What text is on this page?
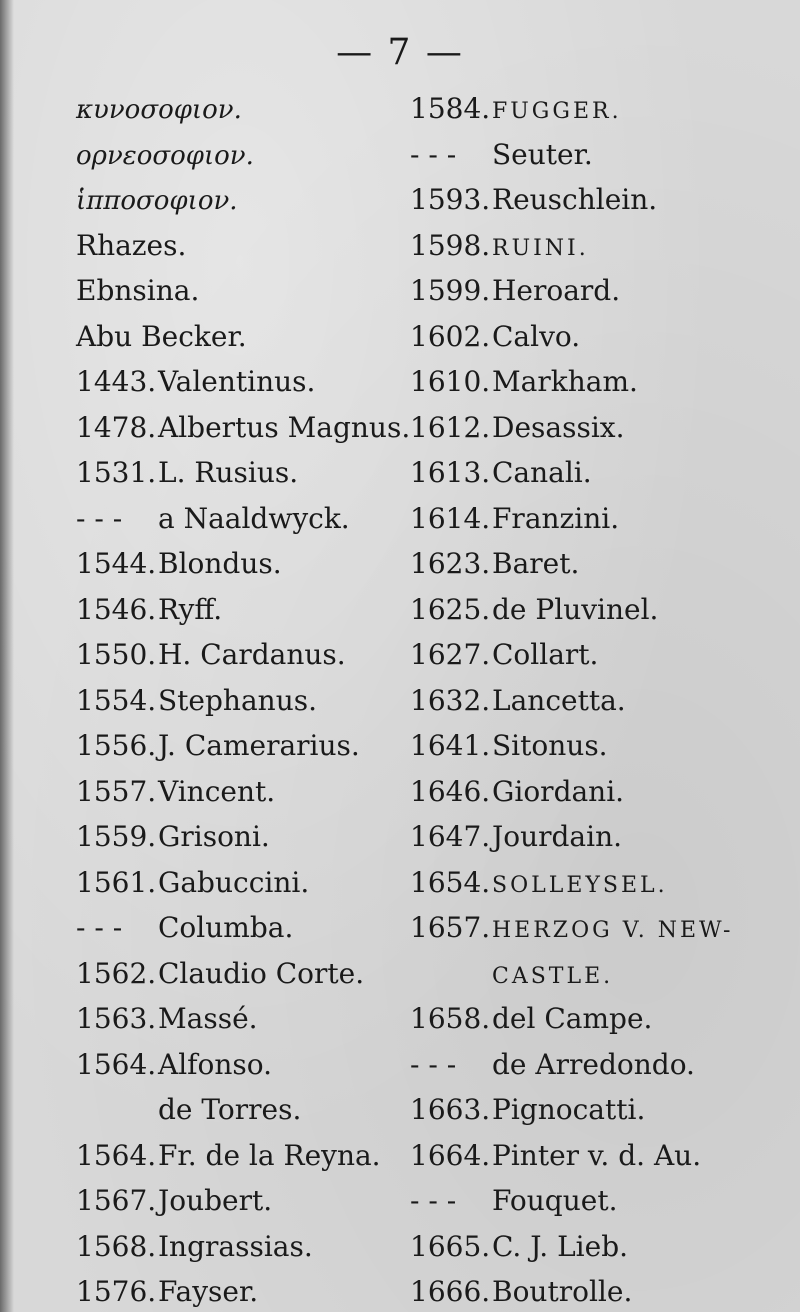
— 7 —
κυνοσοφιον.
ορνεοσοφιον.
ἱπποσοφιον.
Rhazes.
Ebnsina.
Abu Becker.
1443.Valentinus.
1478.Albertus Magnus.
1531.L. Rusius.
- - - a Naaldwyck.
1544.Blondus.
1546.Ryff.
1550.H. Cardanus.
1554.Stephanus.
1556.J. Camerarius.
1557.Vincent.
1559.Grisoni.
1561.Gabuccini.
- - - Columba.
1562.Claudio Corte.
1563.Massé.
1564.Alfonso.
de Torres.
1564.Fr. de la Reyna.
1567.Joubert.
1568.Ingrassias.
1576.Fayser.
1584.FUGGER.
- - - Seuter.
1593.Reuschlein.
1598.RUINI.
1599.Heroard.
1602.Calvo.
1610.Markham.
1612.Desassix.
1613.Canali.
1614.Franzini.
1623.Baret.
1625.de Pluvinel.
1627.Collart.
1632.Lancetta.
1641.Sitonus.
1646.Giordani.
1647.Jourdain.
1654.SOLLEYSEL.
1657.HERZOG V. NEW-
CASTLE.
1658.del Campe.
- - - de Arredondo.
1663.Pignocatti.
1664.Pinter v. d. Au.
- - - Fouquet.
1665.C. J. Lieb.
1666.Boutrolle.
